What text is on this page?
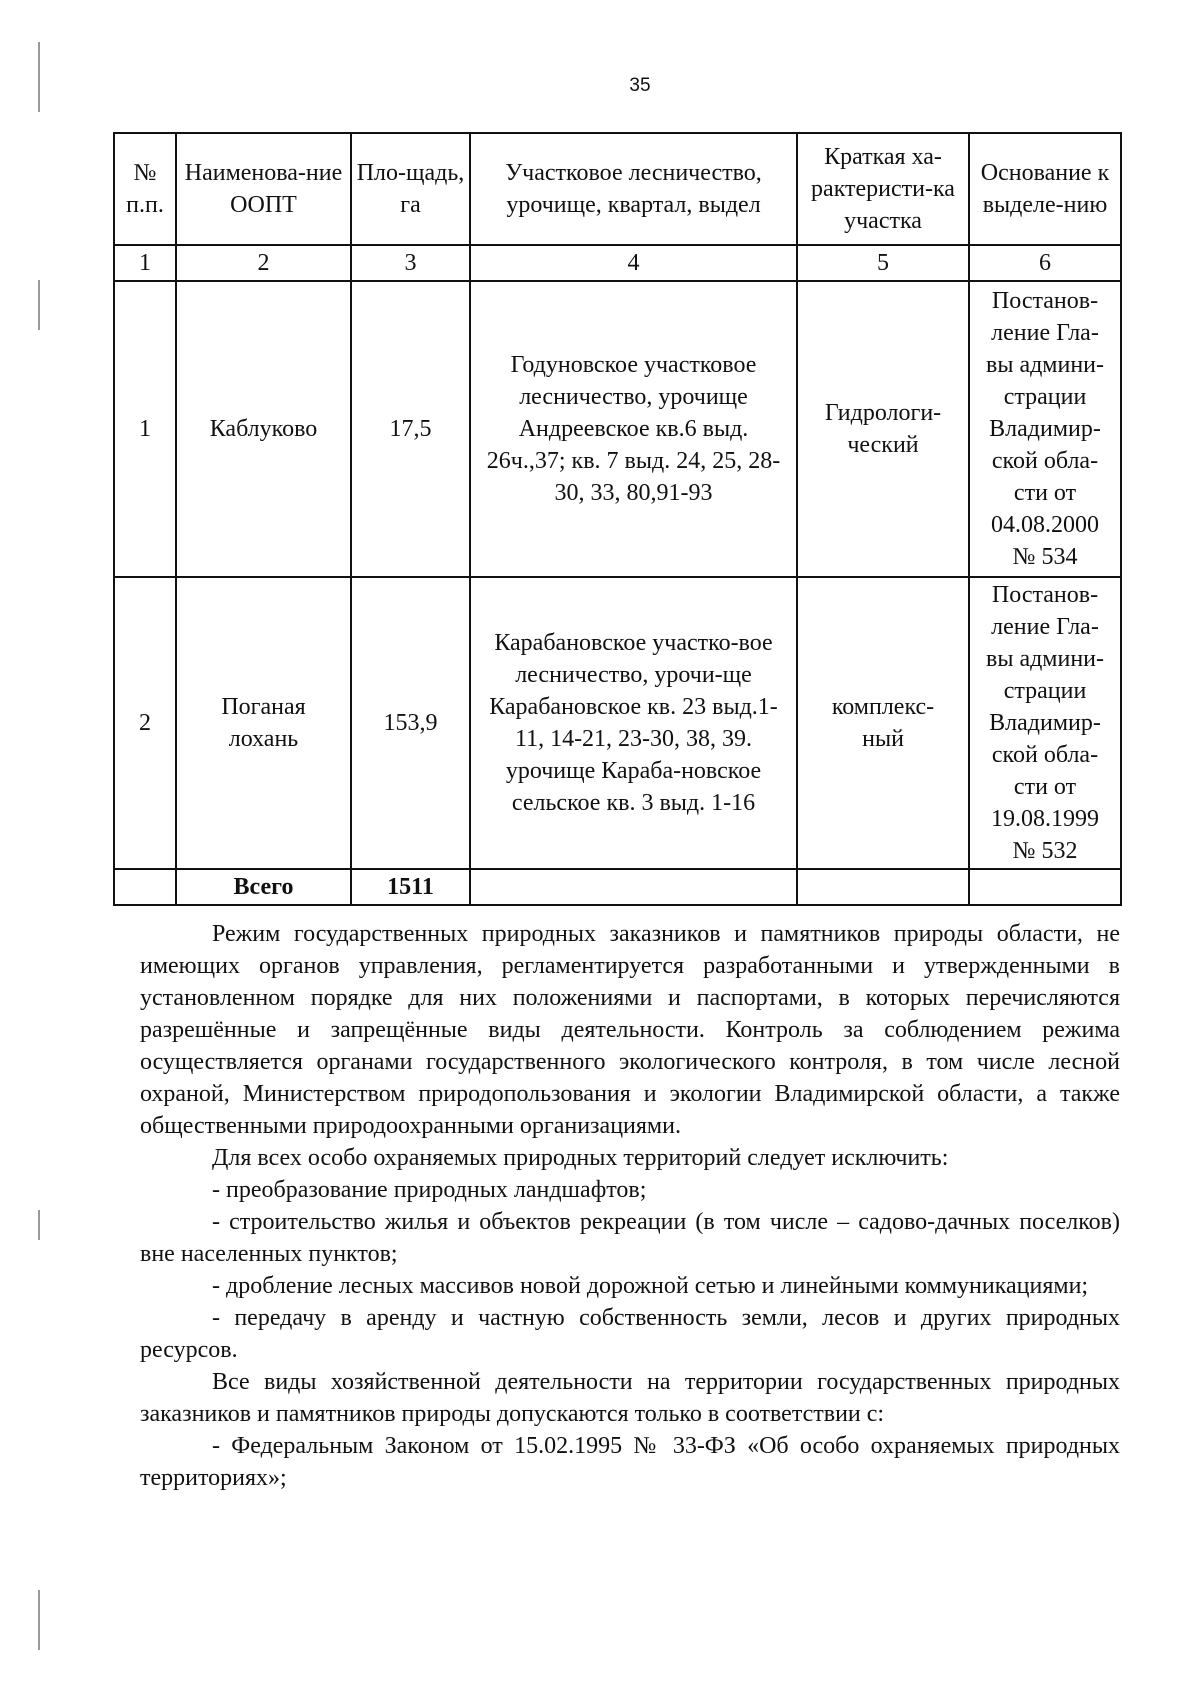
35
№ п.п.	Наименова-ние ООПТ	Пло-щадь, га	Участковое лесничество, урочище, квартал, выдел	Краткая ха-рактеристи-ка участка	Основание к выделе-нию
1	2	3	4	5	6
1	Каблуково	17,5	Годуновское участковое лесничество, урочище Андреевское кв.6 выд. 26ч.,37; кв. 7 выд. 24, 25, 28-30, 33, 80,91-93	Гидрологи-ческий	Постанов-ление Гла-вы админи-страции Владимир-ской обла-сти от 04.08.2000 № 534
2	Поганая лохань	153,9	Карабановское участко-вое лесничество, урочи-ще Карабановское кв. 23 выд.1-11, 14-21, 23-30, 38, 39. урочище Караба-новское сельское кв. 3 выд. 1-16	комплекс-ный	Постанов-ление Гла-вы админи-страции Владимир-ской обла-сти от 19.08.1999 № 532
	Всего	1511			

Режим государственных природных заказников и памятников природы области, не имеющих органов управления, регламентируется разработанными и утвержденными в установленном порядке для них положениями и паспортами, в которых перечисляются разрешённые и запрещённые виды деятельности. Контроль за соблюдением режима осуществляется органами государственного экологического контроля, в том числе лесной охраной, Министерством природопользования и экологии Владимирской области, а также общественными природоохранными организациями.

Для всех особо охраняемых природных территорий следует исключить:

- преобразование природных ландшафтов;

- строительство жилья и объектов рекреации (в том числе – садово-дачных поселков) вне населенных пунктов;

- дробление лесных массивов новой дорожной сетью и линейными коммуникациями;

- передачу в аренду и частную собственность земли, лесов и других природных ресурсов.

Все виды хозяйственной деятельности на территории государственных природных заказников и памятников природы допускаются только в соответствии с:

- Федеральным Законом от 15.02.1995 № 33-ФЗ «Об особо охраняемых природных территориях»;
